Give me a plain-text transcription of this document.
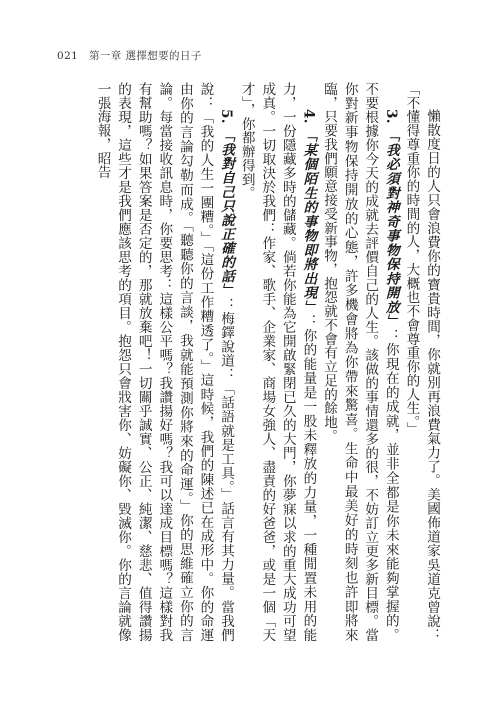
021 第一章 選擇想要的日子

懶散度日的人只會浪費你的寶貴時間，你就別再浪費氣力了。美國佈道家吳道克曾說：「不懂得尊重你的時間的人，大概也不會尊重你的人生。」

3. 「我必須對神奇事物保持開放」：你現在的成就，並非全都是你未來能夠掌握的。不要根據你今天的成就去評價自己的人生。該做的事情還多的很，不妨訂立更多新目標。當你對新事物保持開放的心態，許多機會將為你帶來驚喜。生命中最美好的時刻也許即將來臨，只要我們願意接受新事物，抱怨就不會有立足的餘地。

4. 「某個陌生的事物即將出現」：你的能量是一股未釋放的力量，一種閒置未用的能力，一份隱藏多時的儲藏。倘若你能為它開啟緊閉已久的大門，你夢寐以求的重大成功可望成真。一切取決於我們：作家、歌手、企業家、商場女強人、盡責的好爸爸，或是一個「天才」，你都辦得到。

5. 「我對自己只說正確的話」：梅鐸說道：「話語就是工具。」話言有其力量。當我們說：「我的人生一團糟。」「這份工作糟透了。」這時候，我們的陳述已在成形中。你的命運由你的言論勾勒而成。「聽聽你的言談，我就能預測你將來的命運。」你的思維確立你的言論。每當接收訊息時，你要思考：這樣公平嗎？我讚揚好嗎？我可以達成目標嗎？這樣對我有幫助嗎？如果答案是否定的，那就放棄吧！一切關乎誠實、公正、純潔、慈悲、值得讚揚的表現，這些才是我們應該思考的項目。抱怨只會戕害你、妨礙你、毀滅你。你的言論就像一張海報，昭告
